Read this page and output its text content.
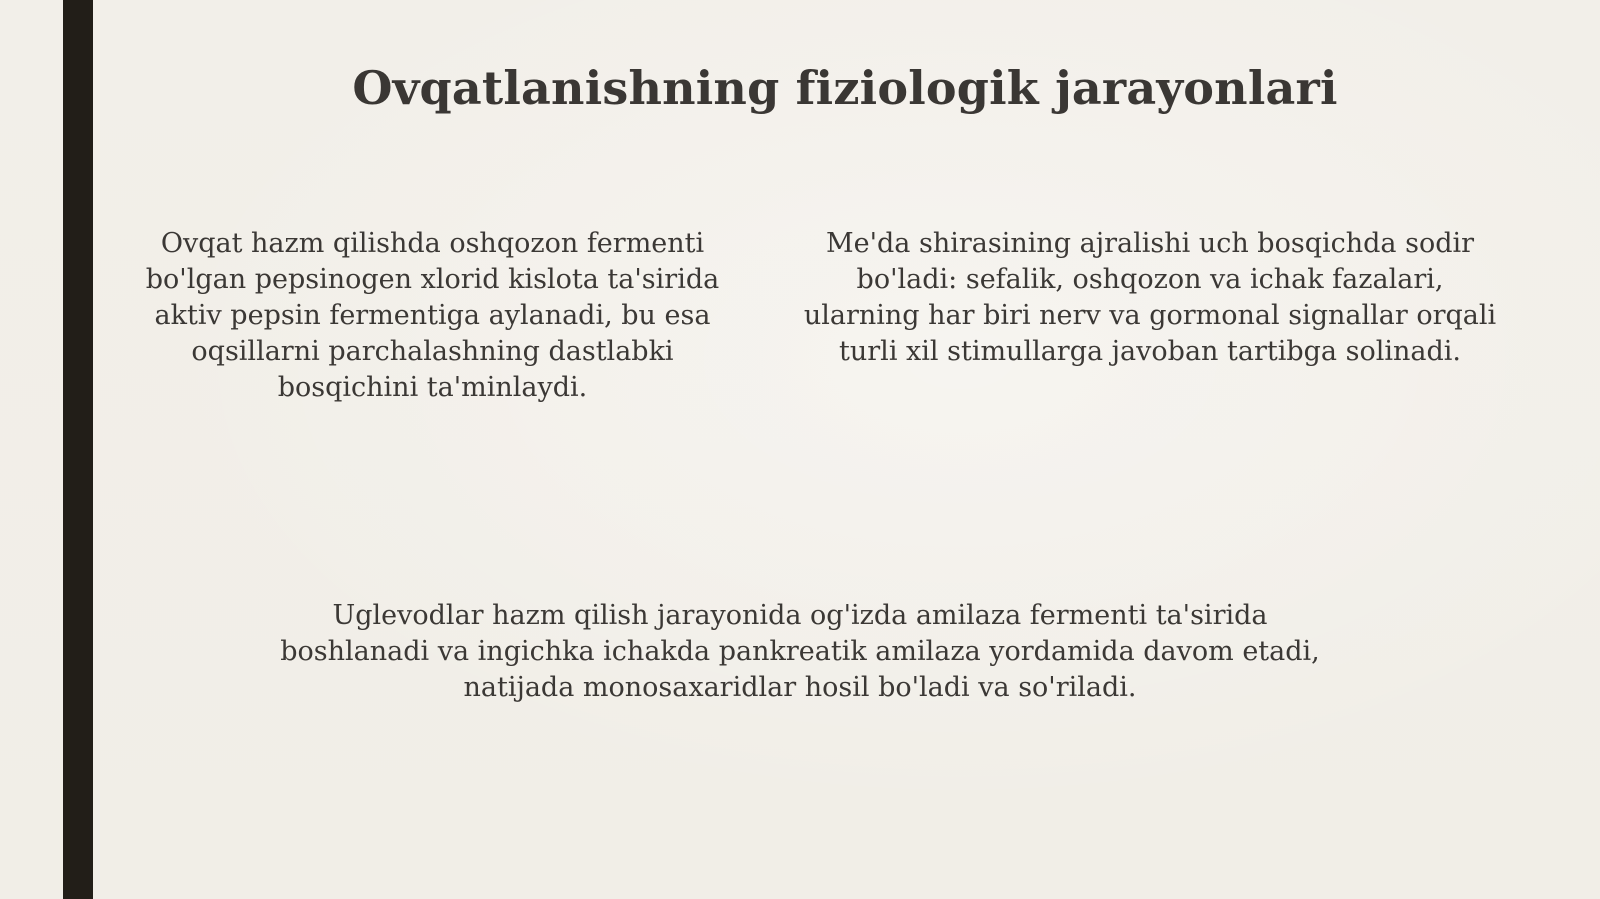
Ovqatlanishning fiziologik jarayonlari
Ovqat hazm qilishda oshqozon fermenti bo'lgan pepsinogen xlorid kislota ta'sirida aktiv pepsin fermentiga aylanadi, bu esa oqsillarni parchalashning dastlabki bosqichini ta'minlaydi.
Me'da shirasining ajralishi uch bosqichda sodir bo'ladi: sefalik, oshqozon va ichak fazalari, ularning har biri nerv va gormonal signallar orqali turli xil stimullarga javoban tartibga solinadi.
Uglevodlar hazm qilish jarayonida og'izda amilaza fermenti ta'sirida boshlanadi va ingichka ichakda pankreatik amilaza yordamida davom etadi, natijada monosaxaridlar hosil bo'ladi va so'riladi.
